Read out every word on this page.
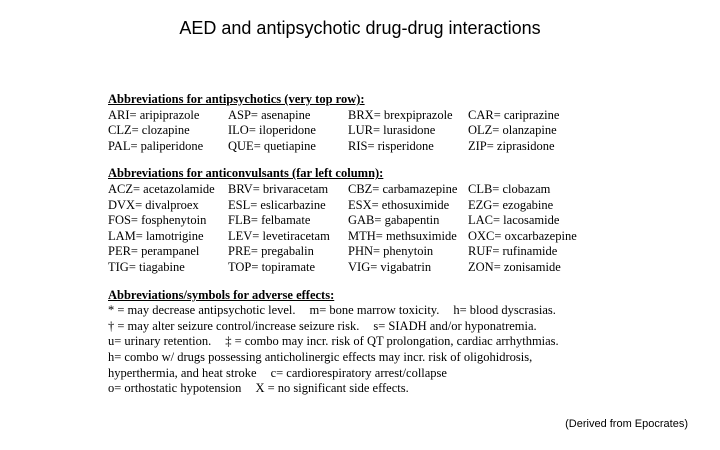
AED and antipsychotic drug-drug interactions
Abbreviations for antipsychotics (very top row):
ARI= aripiprazole	ASP= asenapine	BRX= brexpiprazole	CAR= cariprazine
CLZ= clozapine	ILO= iloperidone	LUR= lurasidone	OLZ= olanzapine
PAL= paliperidone	QUE= quetiapine	RIS= risperidone	ZIP= ziprasidone
Abbreviations for anticonvulsants (far left column):
ACZ= acetazolamide	BRV= brivaracetam	CBZ= carbamazepine CLB= clobazam
DVX= divalproex	ESL= eslicarbazine	ESX= ethosuximide	EZG= ezogabine
FOS= fosphenytoin	FLB= felbamate	GAB= gabapentin	LAC= lacosamide
LAM= lamotrigine	LEV= levetiracetam	MTH= methsuximide OXC= oxcarbazepine
PER= perampanel	PRE= pregabalin	PHN= phenytoin	RUF= rufinamide
TIG= tiagabine	TOP= topiramate	VIG= vigabatrin	ZON= zonisamide
Abbreviations/symbols for adverse effects:
* = may decrease antipsychotic level. m= bone marrow toxicity. h= blood dyscrasias.
† = may alter seizure control/increase seizure risk. s= SIADH and/or hyponatremia.
u= urinary retention. ‡ = combo may incr. risk of QT prolongation, cardiac arrhythmias.
h= combo w/ drugs possessing anticholinergic effects may incr. risk of oligohidrosis,
hyperthermia, and heat stroke c= cardiorespiratory arrest/collapse
o= orthostatic hypotension X = no significant side effects.
(Derived from Epocrates)
